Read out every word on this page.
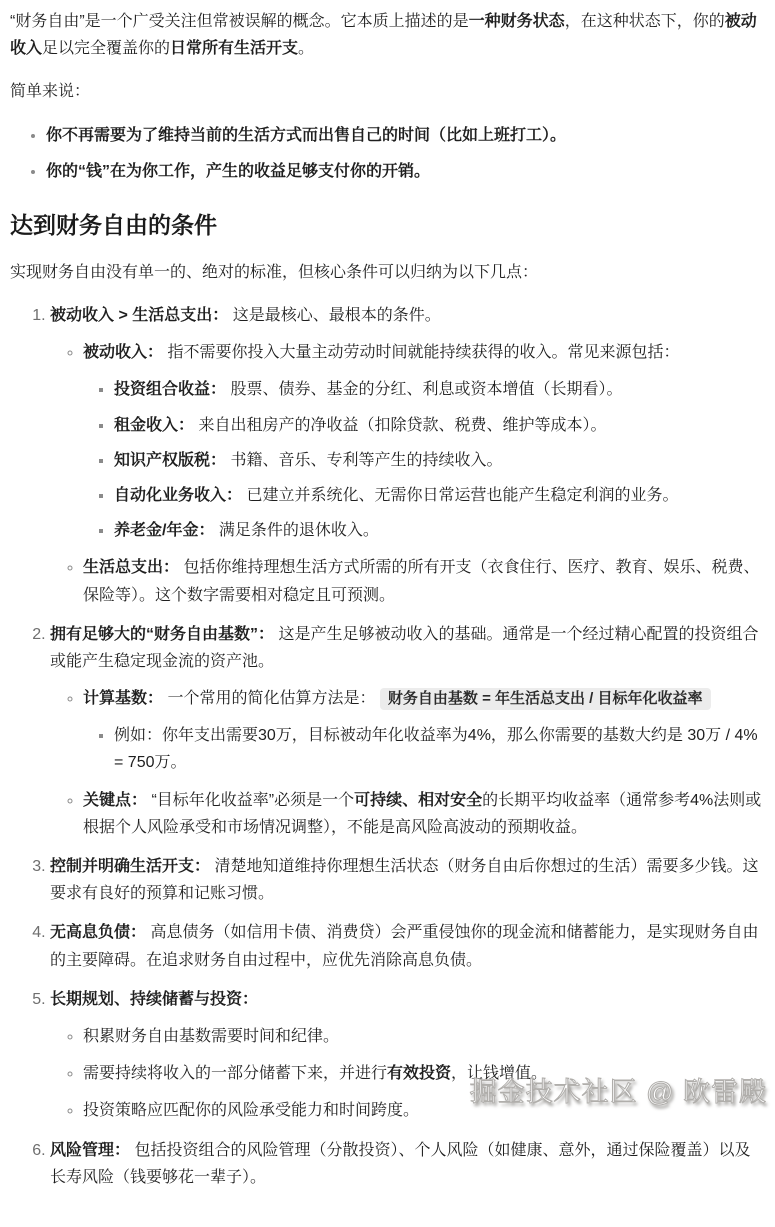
“财务自由”是一个广受关注但常被误解的概念。它本质上描述的是一种财务状态，在这种状态下，你的被动收入足以完全覆盖你的日常所有生活开支。

简单来说：

• 你不再需要为了维持当前的生活方式而出售自己的时间（比如上班打工）。
• 你的“钱”在为你工作，产生的收益足够支付你的开销。
达到财务自由的条件

实现财务自由没有单一的、绝对的标准，但核心条件可以归纳为以下几点：

1. 被动收入 > 生活总支出： 这是最核心、最根本的条件。
◦ 被动收入： 指不需要你投入大量主动劳动时间就能持续获得的收入。常见来源包括：
▪ 投资组合收益： 股票、债券、基金的分红、利息或资本增值（长期看）。
▪ 租金收入： 来自出租房产的净收益（扣除贷款、税费、维护等成本）。
▪ 知识产权版税： 书籍、音乐、专利等产生的持续收入。
▪ 自动化业务收入： 已建立并系统化、无需你日常运营也能产生稳定利润的业务。
▪ 养老金/年金： 满足条件的退休收入。
◦ 生活总支出： 包括你维持理想生活方式所需的所有开支（衣食住行、医疗、教育、娱乐、税费、保险等）。这个数字需要相对稳定且可预测。
2. 拥有足够大的“财务自由基数”： 这是产生足够被动收入的基础。通常是一个经过精心配置的投资组合或能产生稳定现金流的资产池。
◦ 计算基数： 一个常用的简化估算方法是： 财务自由基数 = 年生活总支出 / 目标年化收益率
▪ 例如：你年支出需要30万，目标被动年化收益率为4%，那么你需要的基数大约是 30万 / 4% = 750万。
◦ 关键点： “目标年化收益率”必须是一个可持续、相对安全的长期平均收益率（通常参考4%法则或根据个人风险承受和市场情况调整），不能是高风险高波动的预期收益。
3. 控制并明确生活开支： 清楚地知道维持你理想生活状态（财务自由后你想过的生活）需要多少钱。这要求有良好的预算和记账习惯。
4. 无高息负债： 高息债务（如信用卡债、消费贷）会严重侵蚀你的现金流和储蓄能力，是实现财务自由的主要障碍。在追求财务自由过程中，应优先消除高息负债。
5. 长期规划、持续储蓄与投资：
◦ 积累财务自由基数需要时间和纪律。
◦ 需要持续将收入的一部分储蓄下来，并进行有效投资，让钱增值。
◦ 投资策略应匹配你的风险承受能力和时间跨度。
6. 风险管理： 包括投资组合的风险管理（分散投资）、个人风险（如健康、意外，通过保险覆盖）以及长寿风险（钱要够花一辈子）。
掘金技术社区 @ 欧雷殿
